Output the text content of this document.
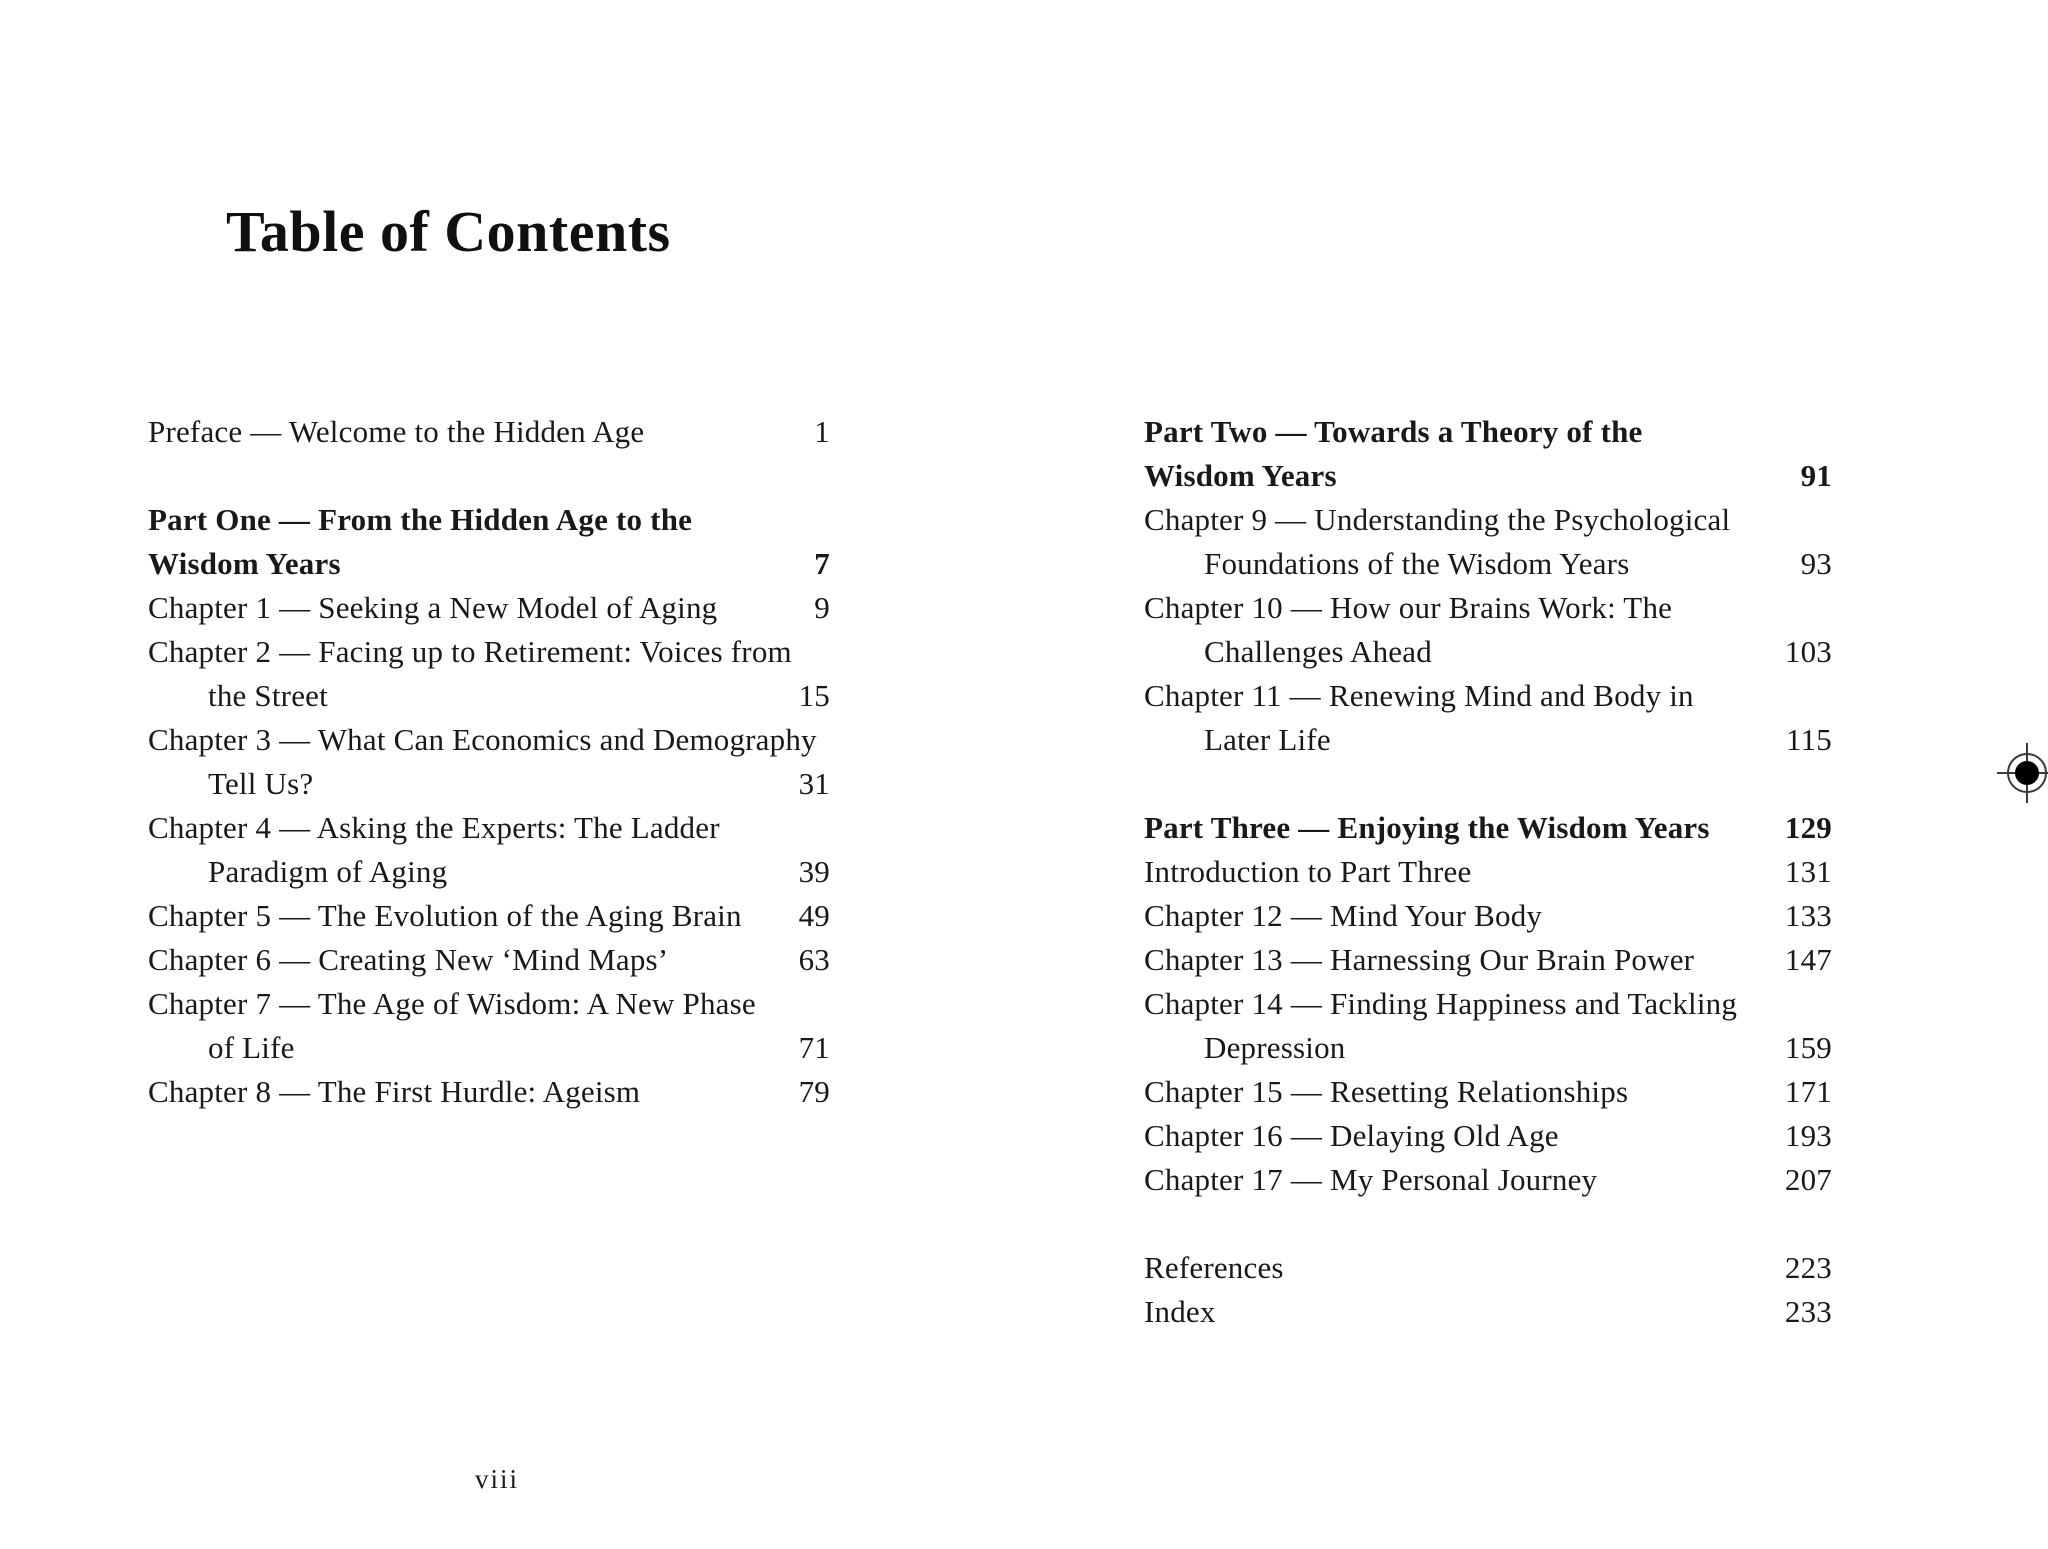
Table of Contents
Preface — Welcome to the Hidden Age	1
Part One — From the Hidden Age to the
Wisdom Years	7
Chapter 1 — Seeking a New Model of Aging	9
Chapter 2 — Facing up to Retirement: Voices from
the Street	15
Chapter 3 — What Can Economics and Demography
Tell Us?	31
Chapter 4 — Asking the Experts: The Ladder
Paradigm of Aging	39
Chapter 5 — The Evolution of the Aging Brain	49
Chapter 6 — Creating New ‘Mind Maps’	63
Chapter 7 — The Age of Wisdom: A New Phase
of Life	71
Chapter 8 — The First Hurdle: Ageism	79
Part Two — Towards a Theory of the
Wisdom Years	91
Chapter 9 — Understanding the Psychological
Foundations of the Wisdom Years	93
Chapter 10 — How our Brains Work: The
Challenges Ahead	103
Chapter 11 — Renewing Mind and Body in
Later Life	115
Part Three — Enjoying the Wisdom Years	129
Introduction to Part Three	131
Chapter 12 — Mind Your Body	133
Chapter 13 — Harnessing Our Brain Power	147
Chapter 14 — Finding Happiness and Tackling
Depression	159
Chapter 15 — Resetting Relationships	171
Chapter 16 — Delaying Old Age	193
Chapter 17 — My Personal Journey	207
References	223
Index	233
viii
